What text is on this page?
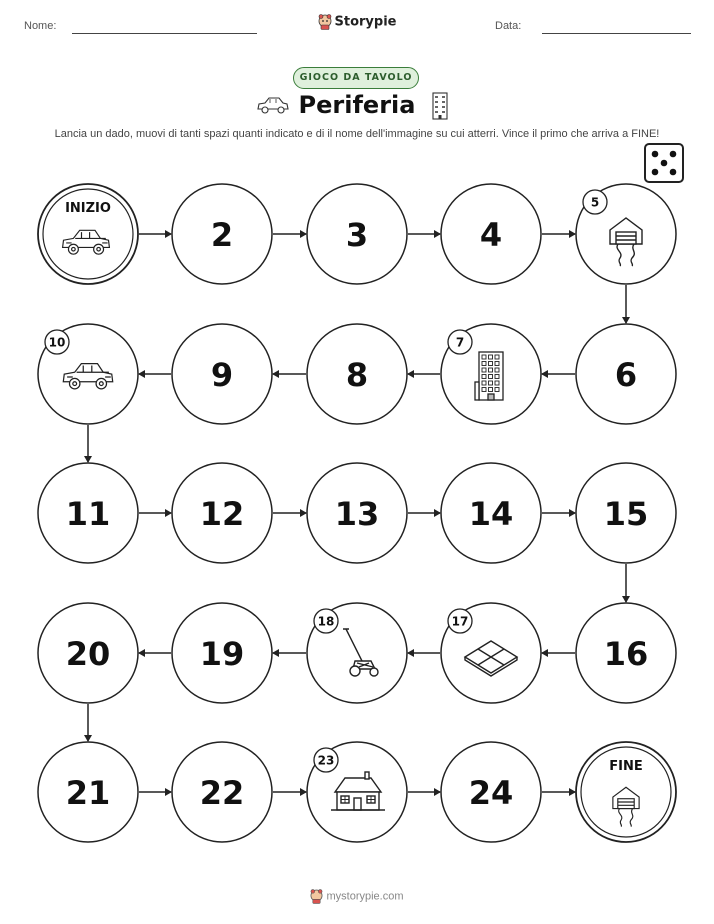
Nome:	Storypie	Data:
GIOCO DA TAVOLO
Periferia
Lancia un dado, muovi di tanti spazi quanti indicato e di il nome dell'immagine su cui atterri. Vince il primo che arriva a FINE!
INIZIO
2	3	4
5
6
7
8
9
10
11	12	13	14	15
16
17
18
19
20
21	22
23
24
FINE
mystorypie.com
